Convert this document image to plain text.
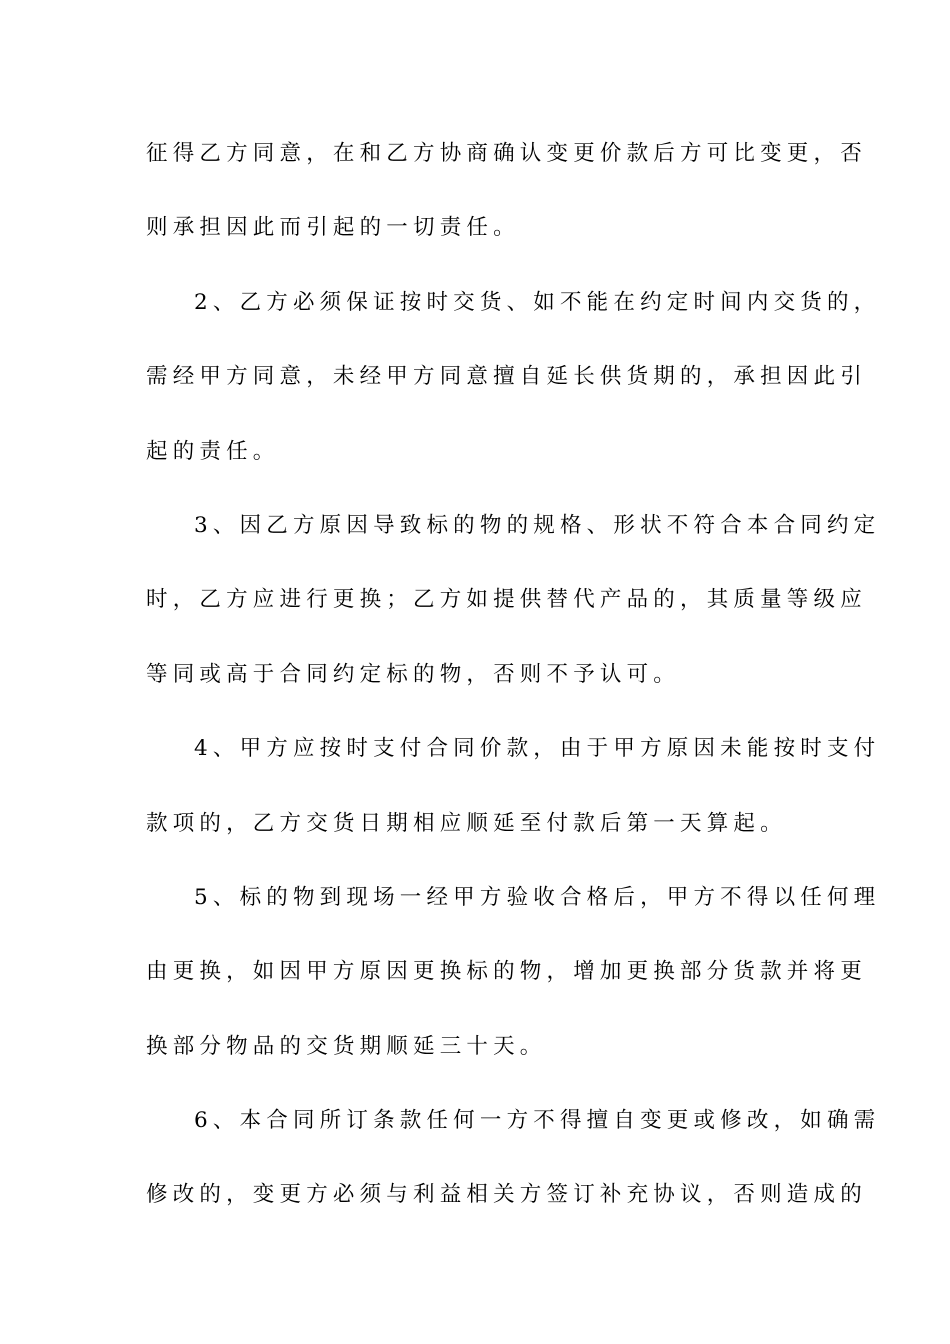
征得乙方同意，在和乙方协商确认变更价款后方可比变更，否
则承担因此而引起的一切责任。
2、乙方必须保证按时交货、如不能在约定时间内交货的，
需经甲方同意，未经甲方同意擅自延长供货期的，承担因此引
起的责任。
3、因乙方原因导致标的物的规格、形状不符合本合同约定
时，乙方应进行更换；乙方如提供替代产品的，其质量等级应
等同或高于合同约定标的物，否则不予认可。
4、甲方应按时支付合同价款，由于甲方原因未能按时支付
款项的，乙方交货日期相应顺延至付款后第一天算起。
5、标的物到现场一经甲方验收合格后，甲方不得以任何理
由更换，如因甲方原因更换标的物，增加更换部分货款并将更
换部分物品的交货期顺延三十天。
6、本合同所订条款任何一方不得擅自变更或修改，如确需
修改的，变更方必须与利益相关方签订补充协议，否则造成的
